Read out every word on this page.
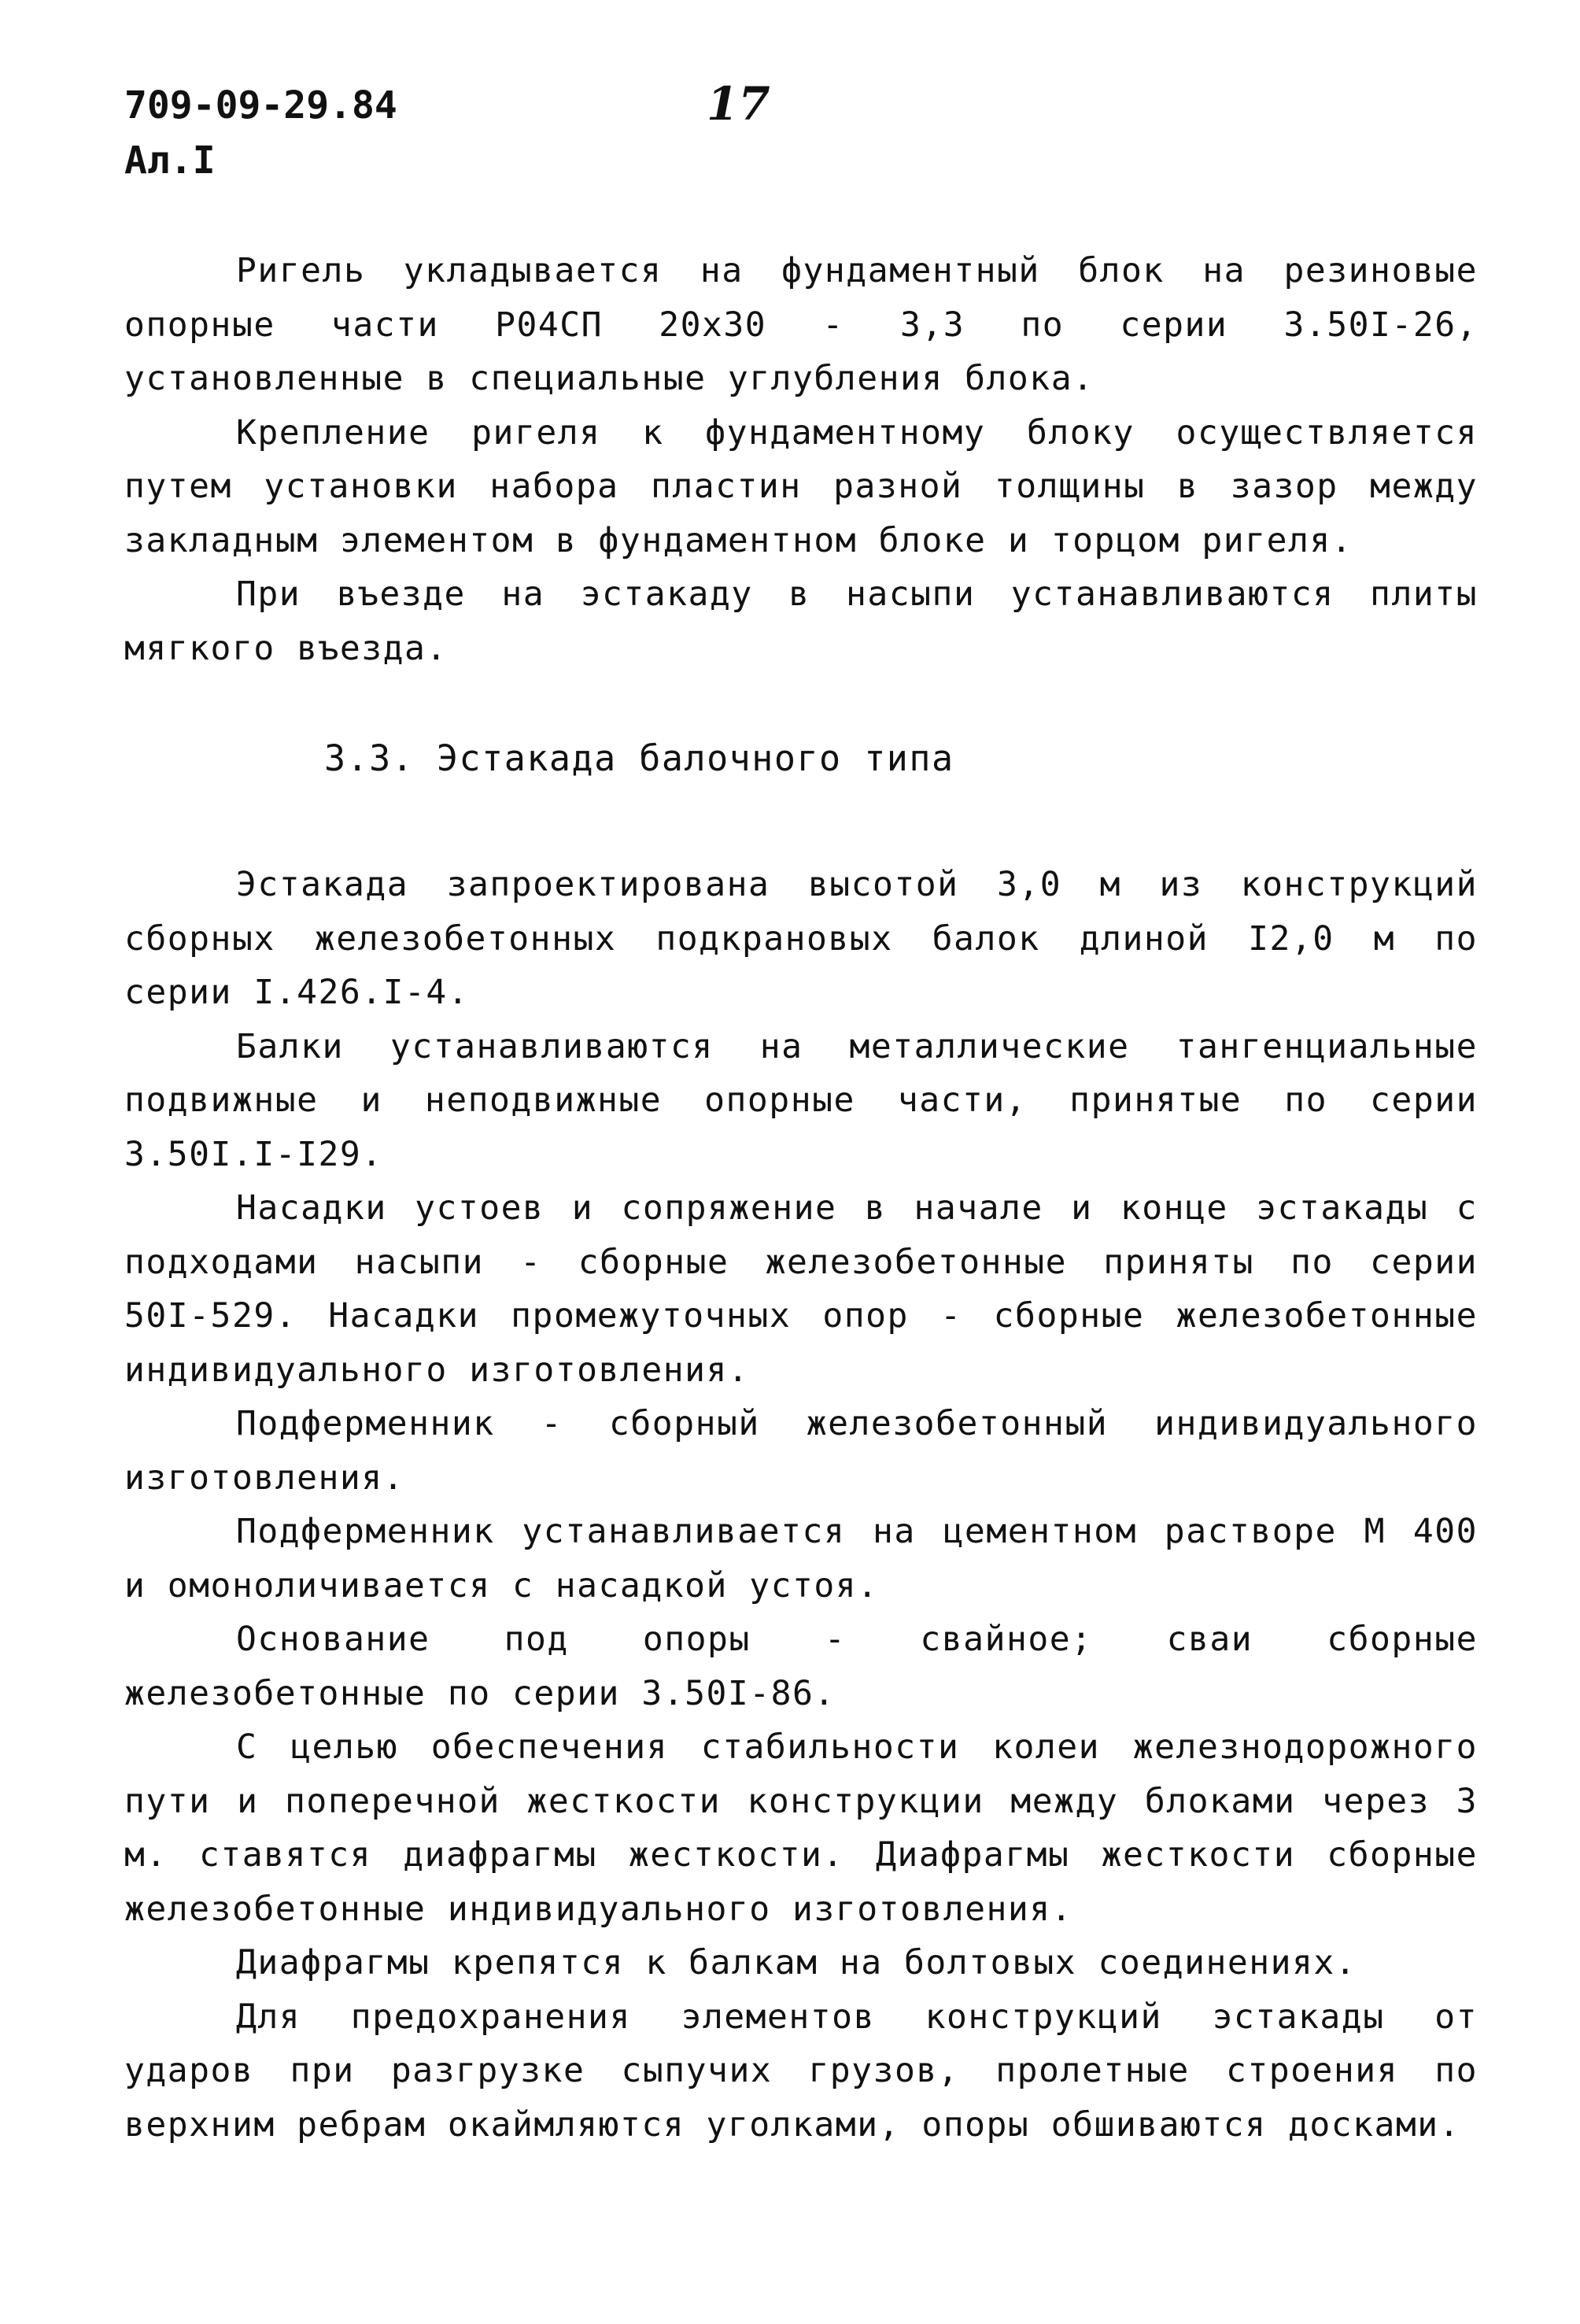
709-09-29.84
Ал.I
17

Ригель укладывается на фундаментный блок на резиновые опорные части Р04СП 20х30 - 3,3 по серии 3.50I-26, установленные в специальные углубления блока.

Крепление ригеля к фундаментному блоку осуществляется путем установки набора пластин разной толщины в зазор между закладным элементом в фундаментном блоке и торцом ригеля.

При въезде на эстакаду в насыпи устанавливаются плиты мягкого въезда.

3.3. Эстакада балочного типа

Эстакада запроектирована высотой 3,0 м из конструкций сборных железобетонных подкрановых балок длиной I2,0 м по серии I.426.I-4.

Балки устанавливаются на металлические тангенциальные подвижные и неподвижные опорные части, принятые по серии 3.50I.I-I29.

Насадки устоев и сопряжение в начале и конце эстакады с подходами насыпи - сборные железобетонные приняты по серии 50I-529. Насадки промежуточных опор - сборные железобетонные индивидуального изготовления.

Подферменник - сборный железобетонный индивидуального изготовления.

Подферменник устанавливается на цементном растворе М 400 и омоноличивается с насадкой устоя.

Основание под опоры - свайное; сваи сборные железобетонные по серии 3.50I-86.

С целью обеспечения стабильности колеи железнодорожного пути и поперечной жесткости конструкции между блоками через 3 м. ставятся диафрагмы жесткости. Диафрагмы жесткости сборные железобетонные индивидуального изготовления.

Диафрагмы крепятся к балкам на болтовых соединениях.

Для предохранения элементов конструкций эстакады от ударов при разгрузке сыпучих грузов, пролетные строения по верхним ребрам окаймляются уголками, опоры обшиваются досками.
